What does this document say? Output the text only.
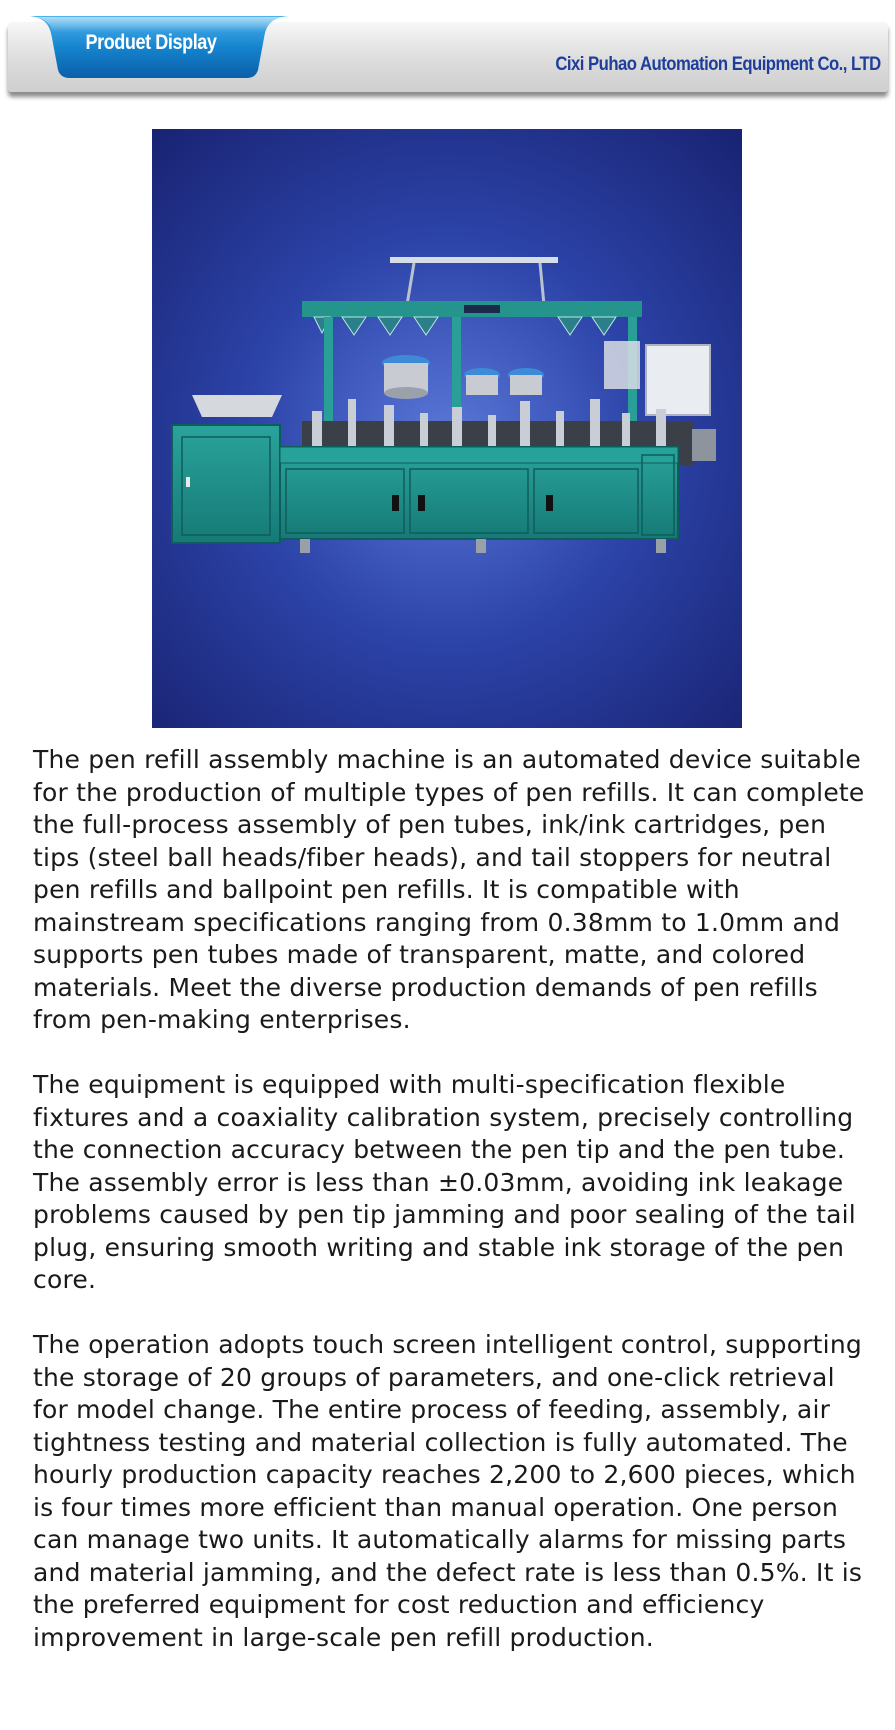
Produet Display
Cixi Puhao Automation Equipment Co., LTD

The pen refill assembly machine is an automated device suitable for the production of multiple types of pen refills. It can complete the full-process assembly of pen tubes, ink/ink cartridges, pen tips (steel ball heads/fiber heads), and tail stoppers for neutral pen refills and ballpoint pen refills. It is compatible with mainstream specifications ranging from 0.38mm to 1.0mm and supports pen tubes made of transparent, matte, and colored materials. Meet the diverse production demands of pen refills from pen-making enterprises.

The equipment is equipped with multi-specification flexible fixtures and a coaxiality calibration system, precisely controlling the connection accuracy between the pen tip and the pen tube. The assembly error is less than ±0.03mm, avoiding ink leakage problems caused by pen tip jamming and poor sealing of the tail plug, ensuring smooth writing and stable ink storage of the pen core.

The operation adopts touch screen intelligent control, supporting the storage of 20 groups of parameters, and one-click retrieval for model change. The entire process of feeding, assembly, air tightness testing and material collection is fully automated. The hourly production capacity reaches 2,200 to 2,600 pieces, which is four times more efficient than manual operation. One person can manage two units. It automatically alarms for missing parts and material jamming, and the defect rate is less than 0.5%. It is the preferred equipment for cost reduction and efficiency improvement in large-scale pen refill production.
